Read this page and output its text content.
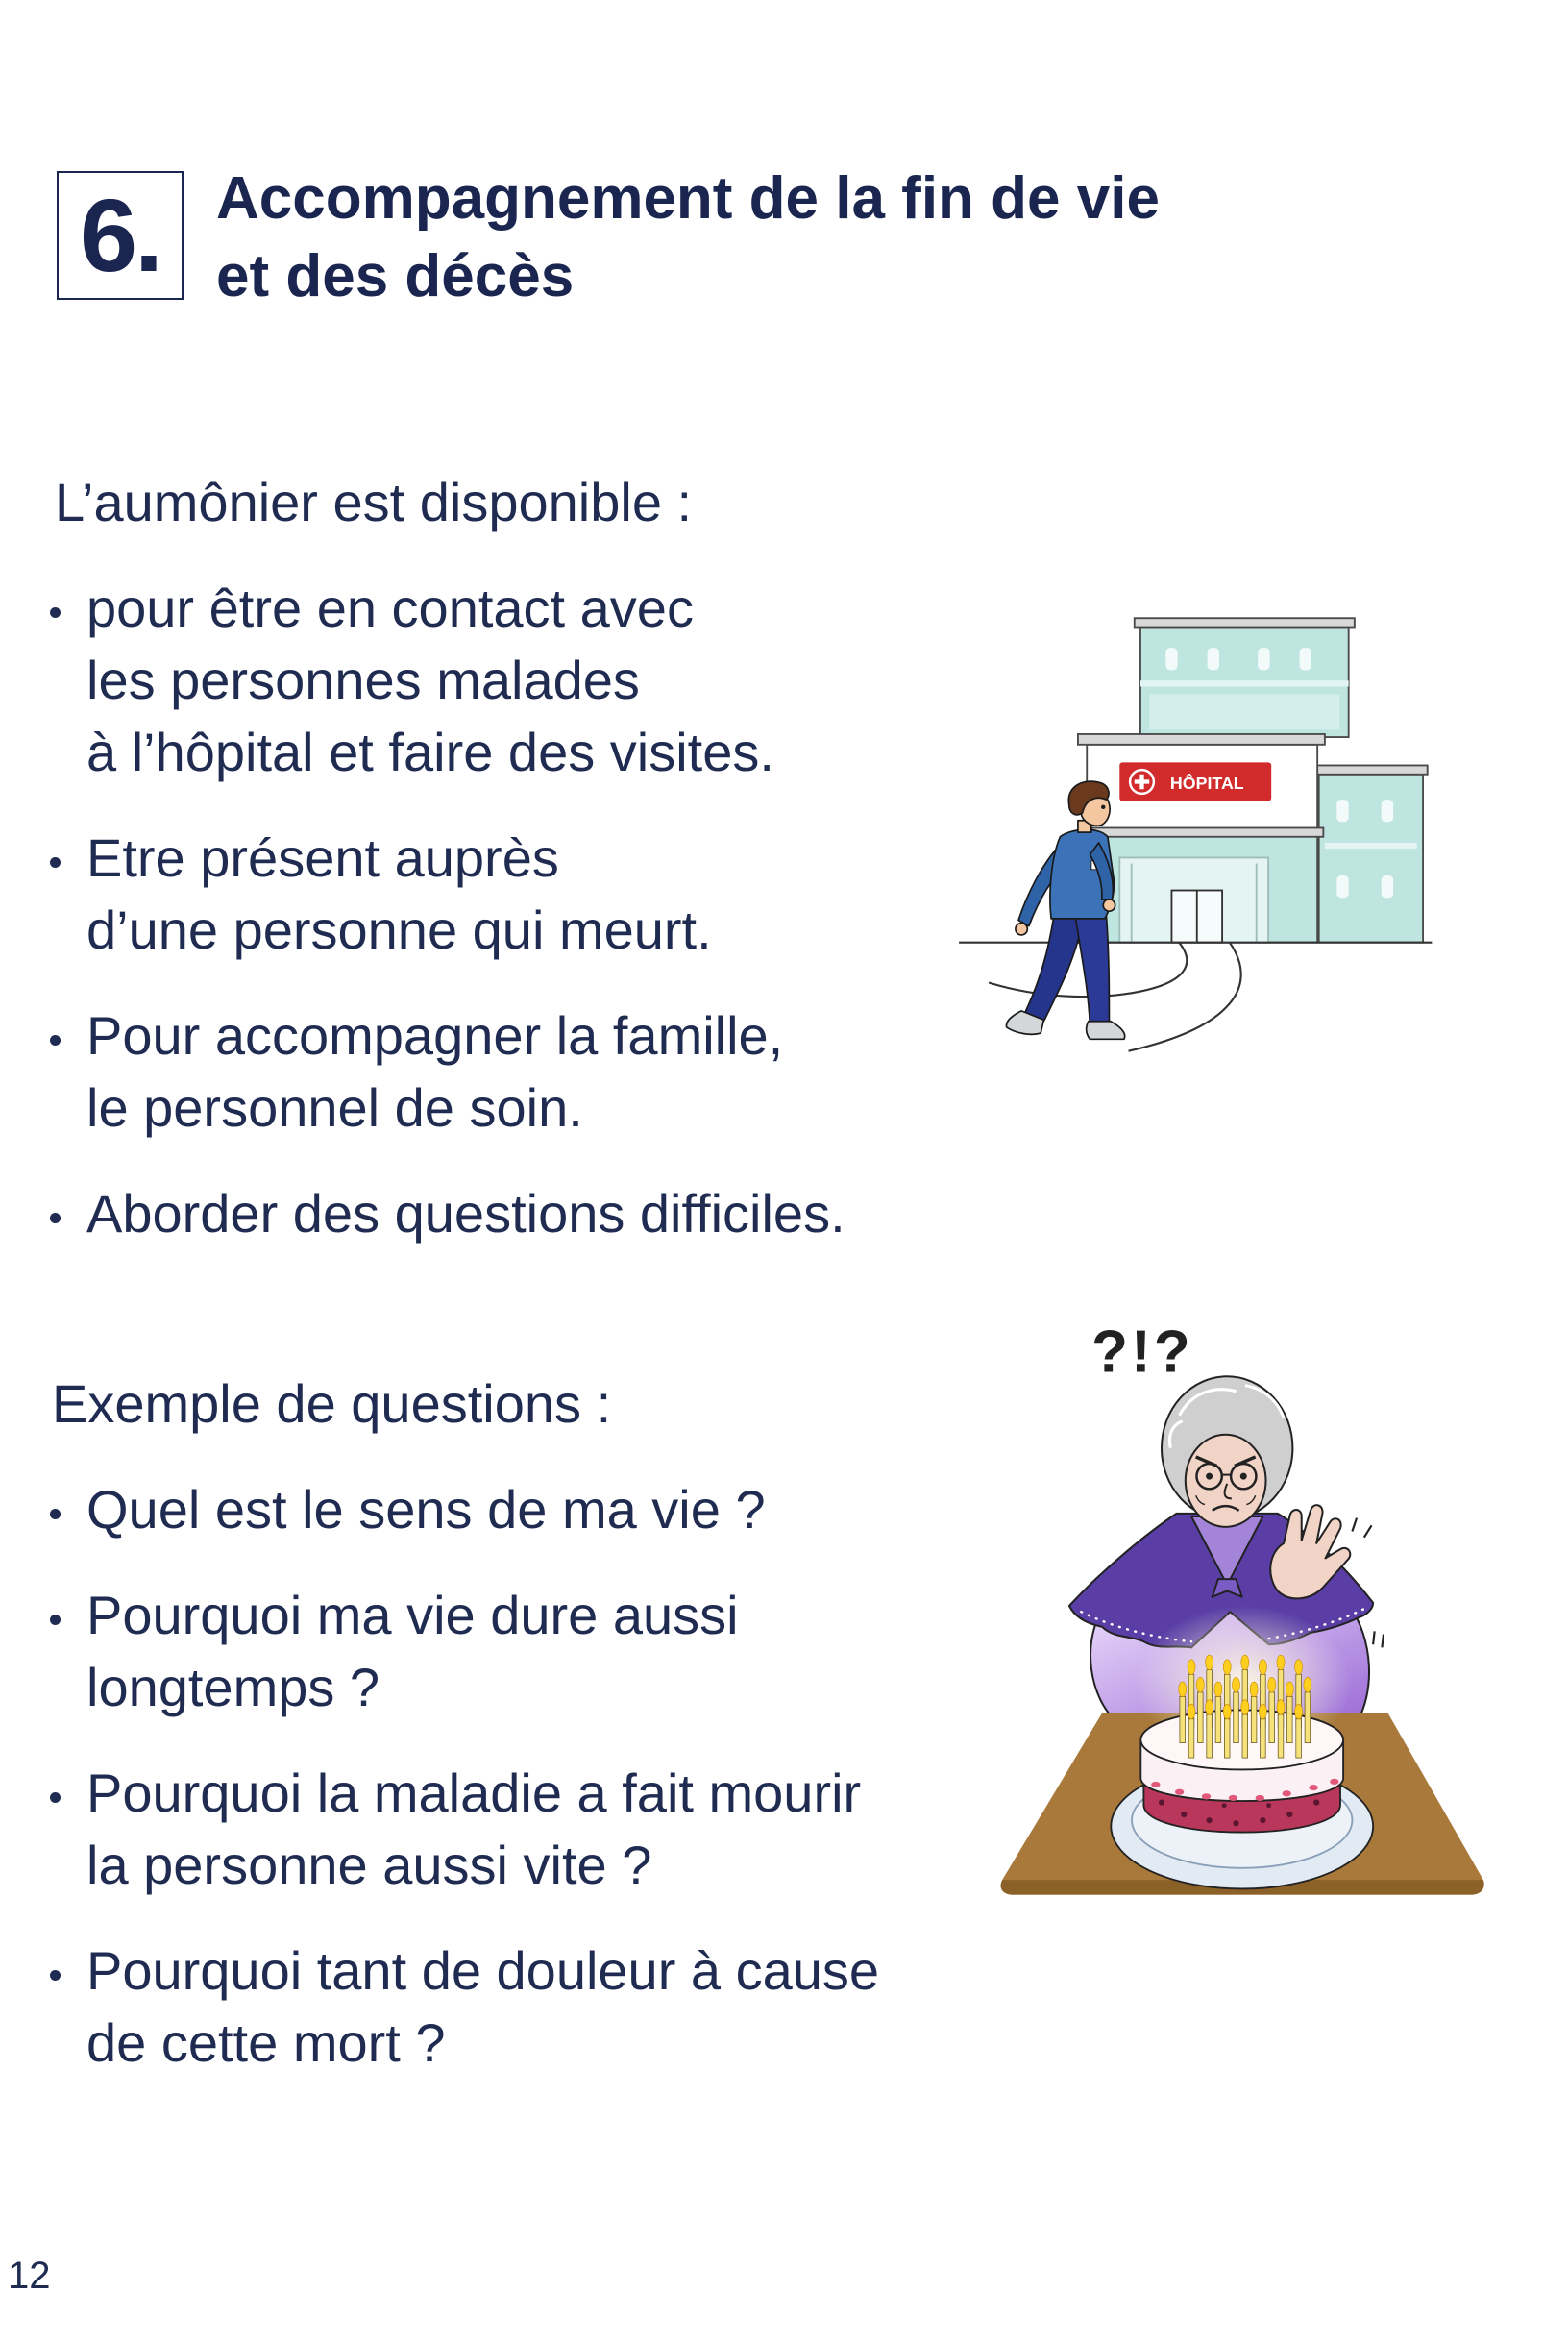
6. Accompagnement de la fin de vie
et des décès
L’aumônier est disponible :
pour être en contact avec
les personnes malades
à l’hôpital et faire des visites.
Etre présent auprès
d’une personne qui meurt.
Pour accompagner la famille,
le personnel de soin.
Aborder des questions difficiles.
Exemple de questions :
Quel est le sens de ma vie ?
Pourquoi ma vie dure aussi
longtemps ?
Pourquoi la maladie a fait mourir
la personne aussi vite ?
Pourquoi tant de douleur à cause
de cette mort ?
HÔPITAL
?!?
12
